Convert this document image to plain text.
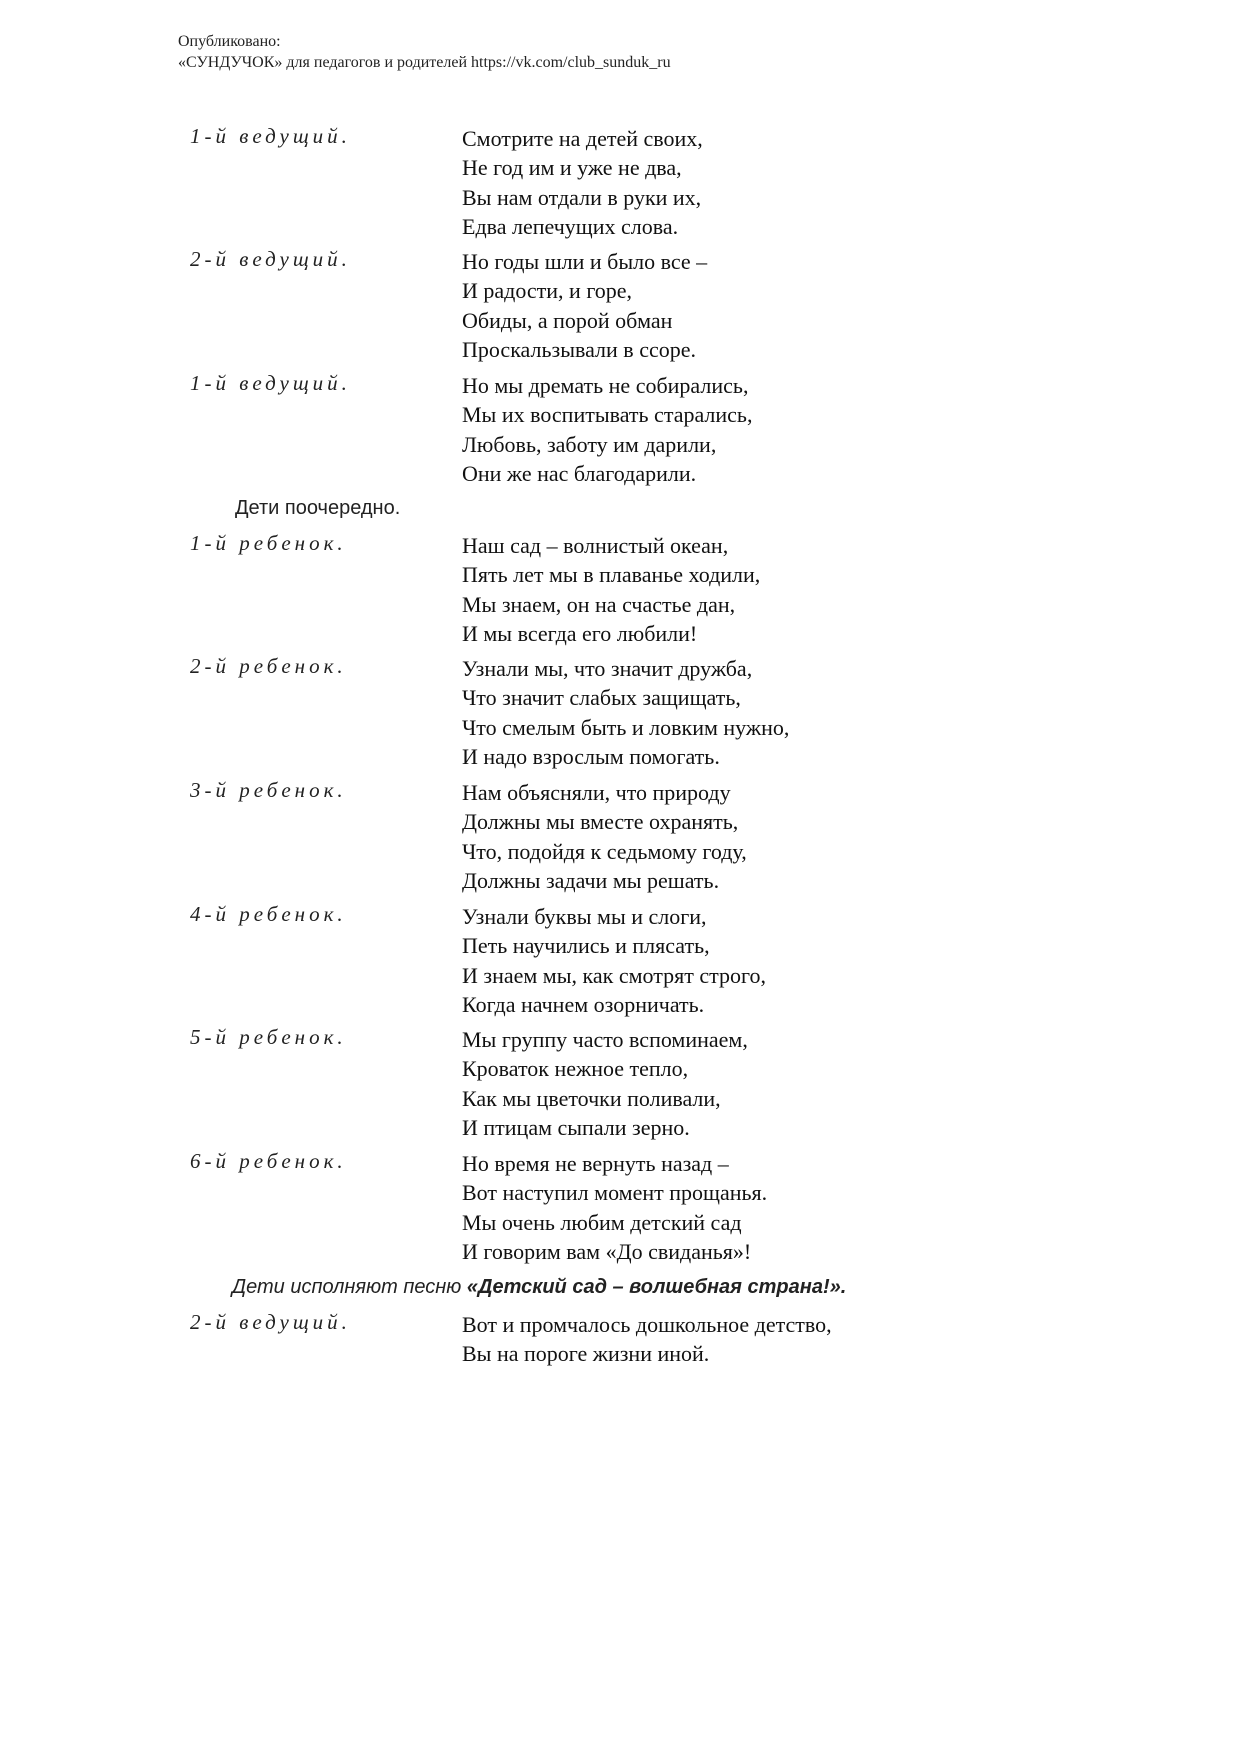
Опубликовано:
«СУНДУЧОК» для педагогов и родителей https://vk.com/club_sunduk_ru
1-й ведущий.	Смотрите на детей своих,
Не год им и уже не два,
Вы нам отдали в руки их,
Едва лепечущих слова.
2-й ведущий.	Но годы шли и было все –
И радости, и горе,
Обиды, а порой обман
Проскальзывали в ссоре.
1-й ведущий.	Но мы дремать не собирались,
Мы их воспитывать старались,
Любовь, заботу им дарили,
Они же нас благодарили.
Дети поочередно.
1-й ребенок.	Наш сад – волнистый океан,
Пять лет мы в плаванье ходили,
Мы знаем, он на счастье дан,
И мы всегда его любили!
2-й ребенок.	Узнали мы, что значит дружба,
Что значит слабых защищать,
Что смелым быть и ловким нужно,
И надо взрослым помогать.
3-й ребенок.	Нам объясняли, что природу
Должны мы вместе охранять,
Что, подойдя к седьмому году,
Должны задачи мы решать.
4-й ребенок.	Узнали буквы мы и слоги,
Петь научились и плясать,
И знаем мы, как смотрят строго,
Когда начнем озорничать.
5-й ребенок.	Мы группу часто вспоминаем,
Кроваток нежное тепло,
Как мы цветочки поливали,
И птицам сыпали зерно.
6-й ребенок.	Но время не вернуть назад –
Вот наступил момент прощанья.
Мы очень любим детский сад
И говорим вам «До свиданья»!
Дети исполняют песню «Детский сад – волшебная страна!».
2-й ведущий.	Вот и промчалось дошкольное детство,
Вы на пороге жизни иной.
